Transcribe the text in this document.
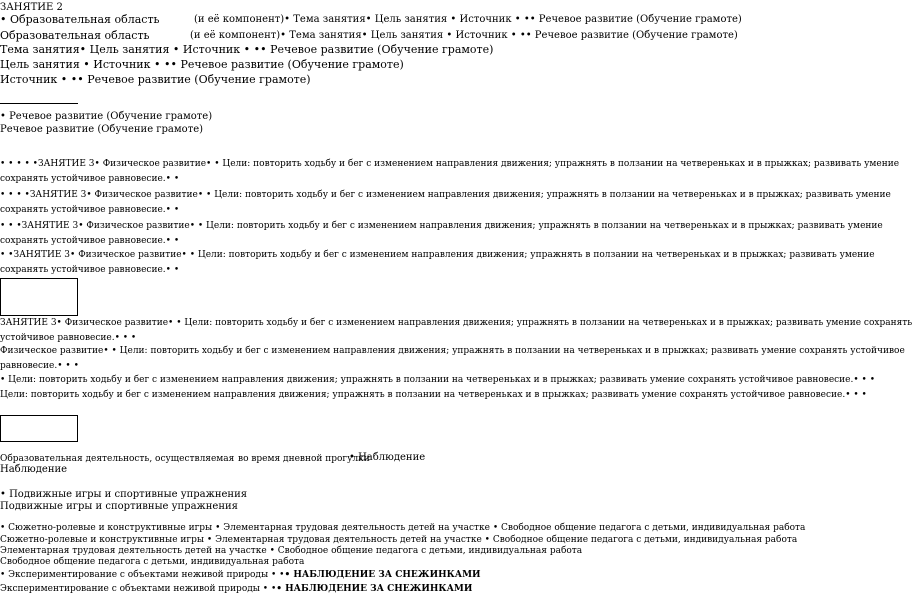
ЗАНЯТИЕ 2
• Образовательная область	(и её компонент)• Тема занятия• Цель занятия • Источник • •• Речевое развитие (Обучение грамоте)
Образовательная область	(и её компонент)• Тема занятия• Цель занятия • Источник • •• Речевое развитие (Обучение грамоте)
Тема занятия• Цель занятия • Источник • •• Речевое развитие (Обучение грамоте)
Цель занятия • Источник • •• Речевое развитие (Обучение грамоте)
Источник • •• Речевое развитие (Обучение грамоте)
• Речевое развитие (Обучение грамоте)
Речевое развитие (Обучение грамоте)
• • • • •ЗАНЯТИЕ 3• Физическое развитие• • Цели: повторить ходьбу и бег с изменением направления движения; упражнять в ползании на четвереньках и в прыжках; развивать умение
сохранять устойчивое равновесие.• •
• • • •ЗАНЯТИЕ 3• Физическое развитие• • Цели: повторить ходьбу и бег с изменением направления движения; упражнять в ползании на четвереньках и в прыжках; развивать умение
сохранять устойчивое равновесие.• •
• • •ЗАНЯТИЕ 3• Физическое развитие• • Цели: повторить ходьбу и бег с изменением направления движения; упражнять в ползании на четвереньках и в прыжках; развивать умение
сохранять устойчивое равновесие.• •
• •ЗАНЯТИЕ 3• Физическое развитие• • Цели: повторить ходьбу и бег с изменением направления движения; упражнять в ползании на четвереньках и в прыжках; развивать умение
сохранять устойчивое равновесие.• •
ЗАНЯТИЕ 3• Физическое развитие• • Цели: повторить ходьбу и бег с изменением направления движения; упражнять в ползании на четвереньках и в прыжках; развивать умение сохранять
устойчивое равновесие.• • •
Физическое развитие• • Цели: повторить ходьбу и бег с изменением направления движения; упражнять в ползании на четвереньках и в прыжках; развивать умение сохранять устойчивое
равновесие.• • •
• Цели: повторить ходьбу и бег с изменением направления движения; упражнять в ползании на четвереньках и в прыжках; развивать умение сохранять устойчивое равновесие.• • •
Цели: повторить ходьбу и бег с изменением направления движения; упражнять в ползании на четвереньках и в прыжках; развивать умение сохранять устойчивое равновесие.• • •
Образовательная деятельность, осуществляемая во время дневной прогулки
• Наблюдение
Наблюдение
• Подвижные игры и спортивные упражнения
Подвижные игры и спортивные упражнения
• Сюжетно-ролевые и конструктивные игры • Элементарная трудовая деятельность детей на участке • Свободное общение педагога с детьми, индивидуальная работа
Сюжетно-ролевые и конструктивные игры • Элементарная трудовая деятельность детей на участке • Свободное общение педагога с детьми, индивидуальная работа
Элементарная трудовая деятельность детей на участке • Свободное общение педагога с детьми, индивидуальная работа
Свободное общение педагога с детьми, индивидуальная работа
• Экспериментирование с объектами неживой природы • •• НАБЛЮДЕНИЕ ЗА СНЕЖИНКАМИ
Экспериментирование с объектами неживой природы • •• НАБЛЮДЕНИЕ ЗА СНЕЖИНКАМИ
